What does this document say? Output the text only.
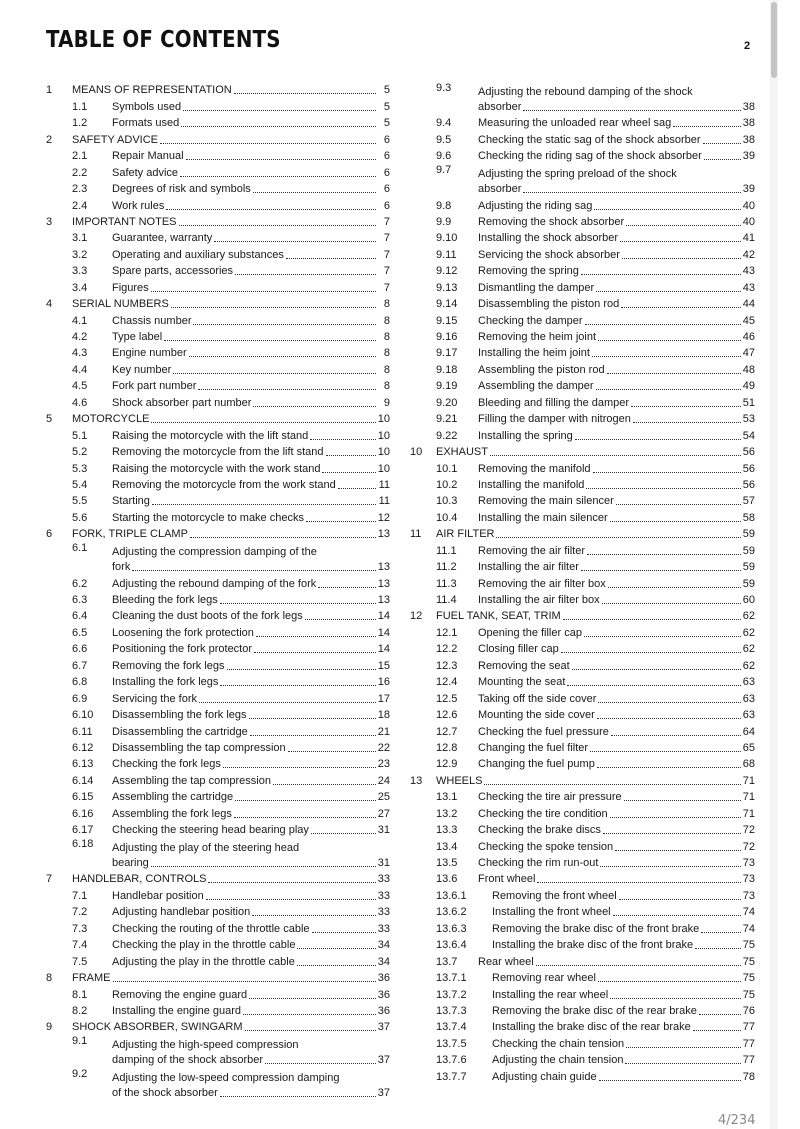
TABLE OF CONTENTS	2
1	MEANS OF REPRESENTATION	5
1.1	Symbols used	5
1.2	Formats used	5
2	SAFETY ADVICE	6
2.1	Repair Manual	6
2.2	Safety advice	6
2.3	Degrees of risk and symbols	6
2.4	Work rules	6
3	IMPORTANT NOTES	7
3.1	Guarantee, warranty	7
3.2	Operating and auxiliary substances	7
3.3	Spare parts, accessories	7
3.4	Figures	7
4	SERIAL NUMBERS	8
4.1	Chassis number	8
4.2	Type label	8
4.3	Engine number	8
4.4	Key number	8
4.5	Fork part number	8
4.6	Shock absorber part number	9
5	MOTORCYCLE	10
5.1	Raising the motorcycle with the lift stand	10
5.2	Removing the motorcycle from the lift stand	10
5.3	Raising the motorcycle with the work stand	10
5.4	Removing the motorcycle from the work stand	11
5.5	Starting	11
5.6	Starting the motorcycle to make checks	12
6	FORK, TRIPLE CLAMP	13
6.1	Adjusting the compression damping of the
fork	13
6.2	Adjusting the rebound damping of the fork	13
6.3	Bleeding the fork legs	13
6.4	Cleaning the dust boots of the fork legs	14
6.5	Loosening the fork protection	14
6.6	Positioning the fork protector	14
6.7	Removing the fork legs	15
6.8	Installing the fork legs	16
6.9	Servicing the fork	17
6.10	Disassembling the fork legs	18
6.11	Disassembling the cartridge	21
6.12	Disassembling the tap compression	22
6.13	Checking the fork legs	23
6.14	Assembling the tap compression	24
6.15	Assembling the cartridge	25
6.16	Assembling the fork legs	27
6.17	Checking the steering head bearing play	31
6.18	Adjusting the play of the steering head
bearing	31
7	HANDLEBAR, CONTROLS	33
7.1	Handlebar position	33
7.2	Adjusting handlebar position	33
7.3	Checking the routing of the throttle cable	33
7.4	Checking the play in the throttle cable	34
7.5	Adjusting the play in the throttle cable	34
8	FRAME	36
8.1	Removing the engine guard	36
8.2	Installing the engine guard	36
9	SHOCK ABSORBER, SWINGARM	37
9.1	Adjusting the high-speed compression
damping of the shock absorber	37
9.2	Adjusting the low-speed compression damping
of the shock absorber	37
9.3	Adjusting the rebound damping of the shock
absorber	38
9.4	Measuring the unloaded rear wheel sag	38
9.5	Checking the static sag of the shock absorber	38
9.6	Checking the riding sag of the shock absorber	39
9.7	Adjusting the spring preload of the shock
absorber	39
9.8	Adjusting the riding sag	40
9.9	Removing the shock absorber	40
9.10	Installing the shock absorber	41
9.11	Servicing the shock absorber	42
9.12	Removing the spring	43
9.13	Dismantling the damper	43
9.14	Disassembling the piston rod	44
9.15	Checking the damper	45
9.16	Removing the heim joint	46
9.17	Installing the heim joint	47
9.18	Assembling the piston rod	48
9.19	Assembling the damper	49
9.20	Bleeding and filling the damper	51
9.21	Filling the damper with nitrogen	53
9.22	Installing the spring	54
10	EXHAUST	56
10.1	Removing the manifold	56
10.2	Installing the manifold	56
10.3	Removing the main silencer	57
10.4	Installing the main silencer	58
11	AIR FILTER	59
11.1	Removing the air filter	59
11.2	Installing the air filter	59
11.3	Removing the air filter box	59
11.4	Installing the air filter box	60
12	FUEL TANK, SEAT, TRIM	62
12.1	Opening the filler cap	62
12.2	Closing filler cap	62
12.3	Removing the seat	62
12.4	Mounting the seat	63
12.5	Taking off the side cover	63
12.6	Mounting the side cover	63
12.7	Checking the fuel pressure	64
12.8	Changing the fuel filter	65
12.9	Changing the fuel pump	68
13	WHEELS	71
13.1	Checking the tire air pressure	71
13.2	Checking the tire condition	71
13.3	Checking the brake discs	72
13.4	Checking the spoke tension	72
13.5	Checking the rim run-out	73
13.6	Front wheel	73
13.6.1	Removing the front wheel	73
13.6.2	Installing the front wheel	74
13.6.3	Removing the brake disc of the front brake	74
13.6.4	Installing the brake disc of the front brake	75
13.7	Rear wheel	75
13.7.1	Removing rear wheel	75
13.7.2	Installing the rear wheel	75
13.7.3	Removing the brake disc of the rear brake	76
13.7.4	Installing the brake disc of the rear brake	77
13.7.5	Checking the chain tension	77
13.7.6	Adjusting the chain tension	77
13.7.7	Adjusting chain guide	78
4/234
